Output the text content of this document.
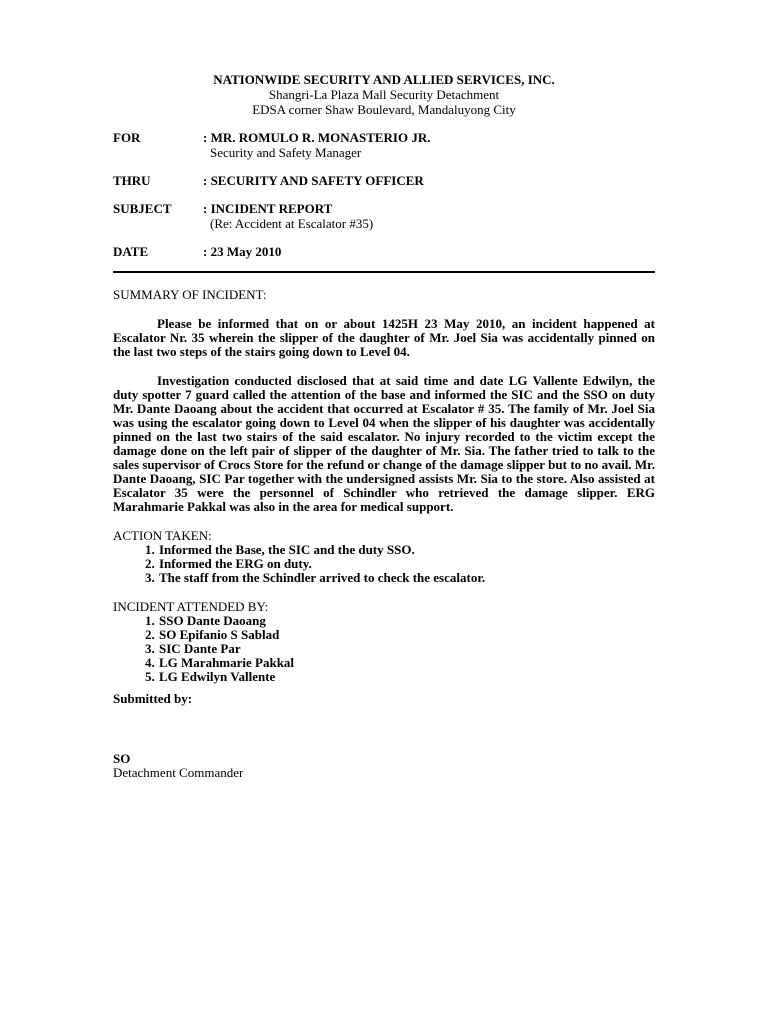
NATIONWIDE SECURITY AND ALLIED SERVICES, INC.
Shangri-La Plaza Mall Security Detachment
EDSA corner Shaw Boulevard, Mandaluyong City
FOR	: MR. ROMULO R. MONASTERIO JR.
Security and Safety Manager
THRU	: SECURITY AND SAFETY OFFICER
SUBJECT	: INCIDENT REPORT
(Re: Accident at Escalator #35)
DATE	: 23 May 2010
SUMMARY OF INCIDENT:

Please be informed that on or about 1425H 23 May 2010, an incident happened at Escalator Nr. 35 wherein the slipper of the daughter of Mr. Joel Sia was accidentally pinned on the last two steps of the stairs going down to Level 04.

Investigation conducted disclosed that at said time and date LG Vallente Edwilyn, the duty spotter 7 guard called the attention of the base and informed the SIC and the SSO on duty Mr. Dante Daoang about the accident that occurred at Escalator # 35. The family of Mr. Joel Sia was using the escalator going down to Level 04 when the slipper of his daughter was accidentally pinned on the last two stairs of the said escalator. No injury recorded to the victim except the damage done on the left pair of slipper of the daughter of Mr. Sia. The father tried to talk to the sales supervisor of Crocs Store for the refund or change of the damage slipper but to no avail. Mr. Dante Daoang, SIC Par together with the undersigned assists Mr. Sia to the store. Also assisted at Escalator 35 were the personnel of Schindler who retrieved the damage slipper. ERG Marahmarie Pakkal was also in the area for medical support.

ACTION TAKEN:
1. Informed the Base, the SIC and the duty SSO.
2. Informed the ERG on duty.
3. The staff from the Schindler arrived to check the escalator.
INCIDENT ATTENDED BY:
1. SSO Dante Daoang
2. SO Epifanio S Sablad
3. SIC Dante Par
4. LG Marahmarie Pakkal
5. LG Edwilyn Vallente
Submitted by:
SO
Detachment Commander
